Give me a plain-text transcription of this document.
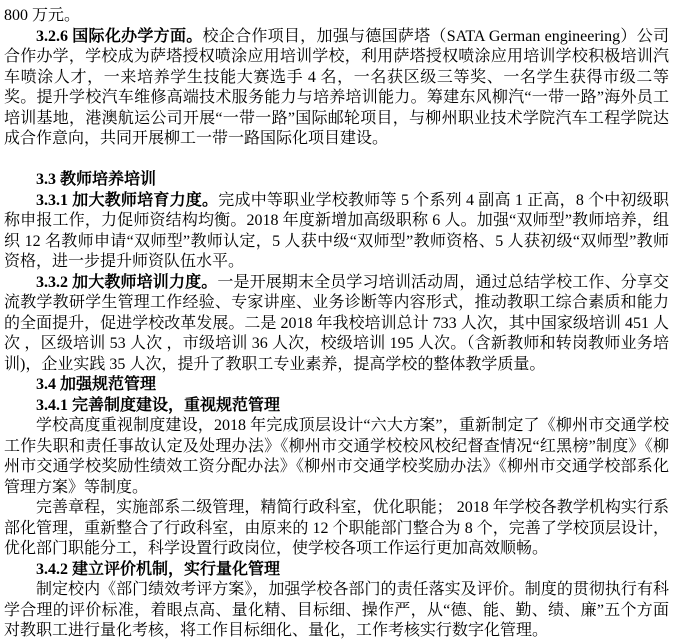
800 万元。

3.2.6 国际化办学方面。校企合作项目，加强与德国萨塔（SATA German engineering）公司合作办学，学校成为萨塔授权喷涂应用培训学校，利用萨塔授权喷涂应用培训学校积极培训汽车喷涂人才，一来培养学生技能大赛选手 4 名，一名获区级三等奖、一名学生获得市级二等奖。提升学校汽车维修高端技术服务能力与培养培训能力。筹建东风柳汽“一带一路”海外员工培训基地，港澳航运公司开展“一带一路”国际邮轮项目，与柳州职业技术学院汽车工程学院达成合作意向，共同开展柳工一带一路国际化项目建设。

3.3 教师培养培训

3.3.1 加大教师培育力度。完成中等职业学校教师等 5 个系列 4 副高 1 正高，8 个中初级职称申报工作，力促师资结构均衡。2018 年度新增加高级职称 6 人。加强“双师型”教师培养，组织 12 名教师申请“双师型”教师认定，5 人获中级“双师型”教师资格、5 人获初级“双师型”教师资格，进一步提升师资队伍水平。

3.3.2 加大教师培训力度。一是开展期末全员学习培训活动周，通过总结学校工作、分享交流教学教研学生管理工作经验、专家讲座、业务诊断等内容形式，推动教职工综合素质和能力的全面提升，促进学校改革发展。二是 2018 年我校培训总计 733 人次，其中国家级培训 451 人次 ，区级培训 53 人次 ，市级培训 36 人次，校级培训 195 人次。（含新教师和转岗教师业务培训)，企业实践 35 人次，提升了教职工专业素养，提高学校的整体教学质量。

3.4 加强规范管理

3.4.1 完善制度建设，重视规范管理

学校高度重视制度建设，2018 年完成顶层设计“六大方案”，重新制定了《柳州市交通学校工作失职和责任事故认定及处理办法》《柳州市交通学校校风校纪督查情况“红黑榜”制度》《柳州市交通学校奖励性绩效工资分配办法》《柳州市交通学校奖励办法》《柳州市交通学校部系化管理方案》等制度。

完善章程，实施部系二级管理，精简行政科室，优化职能； 2018 年学校各教学机构实行系部化管理，重新整合了行政科室，由原来的 12 个职能部门整合为 8 个，完善了学校顶层设计，优化部门职能分工，科学设置行政岗位，使学校各项工作运行更加高效顺畅。

3.4.2 建立评价机制，实行量化管理

制定校内《部门绩效考评方案》，加强学校各部门的责任落实及评价。制度的贯彻执行有科学合理的评价标准，着眼点高、量化精、目标细、操作严，从“德、能、勤、绩、廉”五个方面对教职工进行量化考核，将工作目标细化、量化，工作考核实行数字化管理。
